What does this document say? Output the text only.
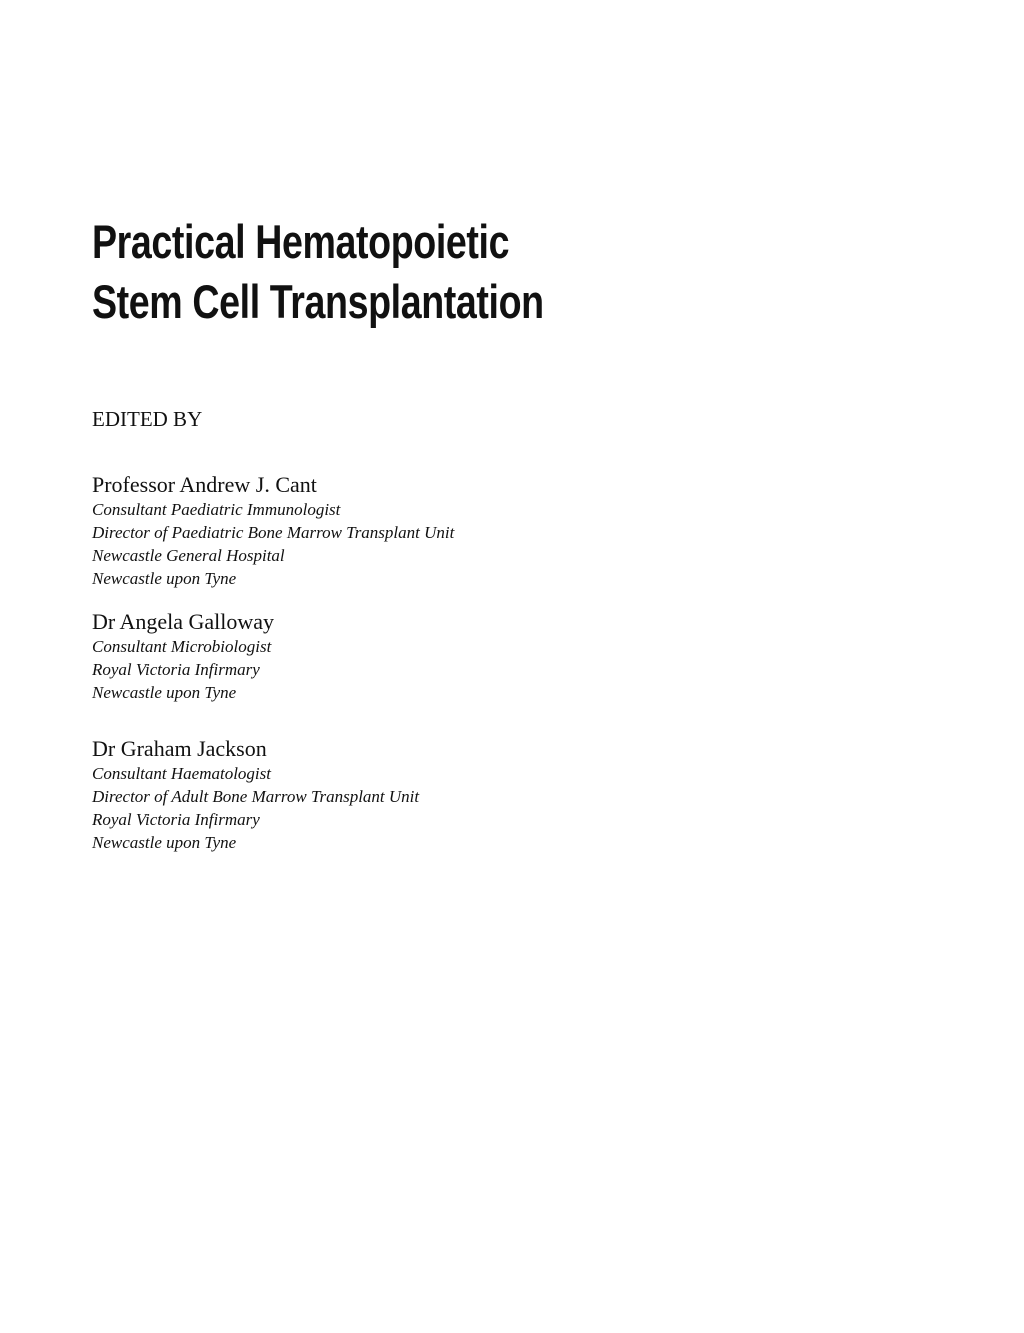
Practical Hematopoietic
Stem Cell Transplantation
EDITED BY
Professor Andrew J. Cant
Consultant Paediatric Immunologist
Director of Paediatric Bone Marrow Transplant Unit
Newcastle General Hospital
Newcastle upon Tyne
Dr Angela Galloway
Consultant Microbiologist
Royal Victoria Infirmary
Newcastle upon Tyne
Dr Graham Jackson
Consultant Haematologist
Director of Adult Bone Marrow Transplant Unit
Royal Victoria Infirmary
Newcastle upon Tyne
